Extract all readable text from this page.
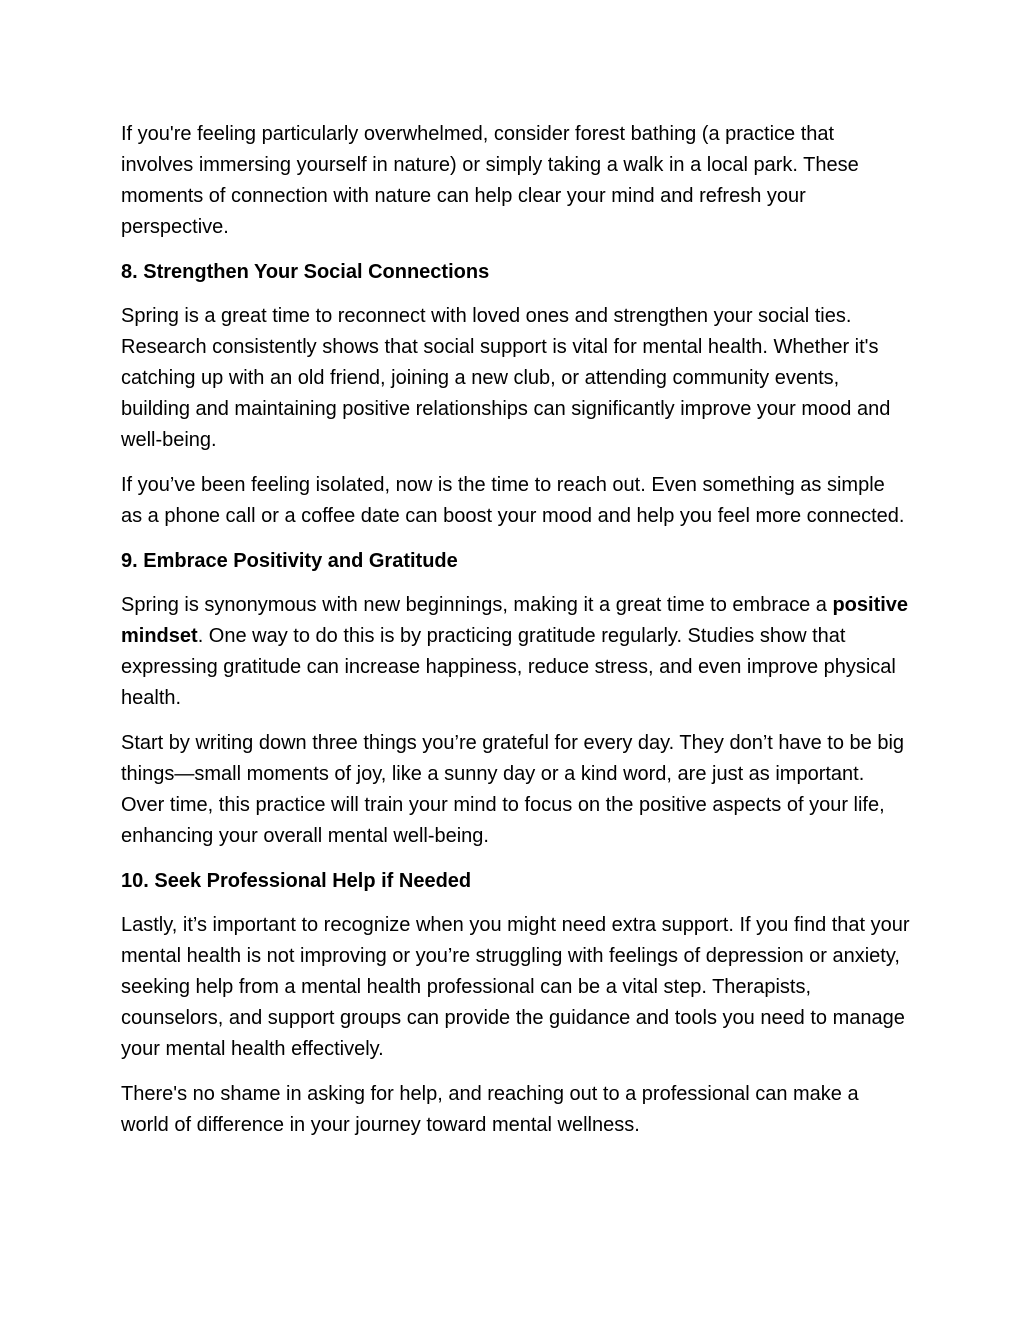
If you're feeling particularly overwhelmed, consider forest bathing (a practice that involves immersing yourself in nature) or simply taking a walk in a local park. These moments of connection with nature can help clear your mind and refresh your perspective.

8. Strengthen Your Social Connections

Spring is a great time to reconnect with loved ones and strengthen your social ties. Research consistently shows that social support is vital for mental health. Whether it's catching up with an old friend, joining a new club, or attending community events, building and maintaining positive relationships can significantly improve your mood and well-being.

If you’ve been feeling isolated, now is the time to reach out. Even something as simple as a phone call or a coffee date can boost your mood and help you feel more connected.

9. Embrace Positivity and Gratitude

Spring is synonymous with new beginnings, making it a great time to embrace a positive mindset. One way to do this is by practicing gratitude regularly. Studies show that expressing gratitude can increase happiness, reduce stress, and even improve physical health.

Start by writing down three things you’re grateful for every day. They don’t have to be big things—small moments of joy, like a sunny day or a kind word, are just as important. Over time, this practice will train your mind to focus on the positive aspects of your life, enhancing your overall mental well-being.

10. Seek Professional Help if Needed

Lastly, it’s important to recognize when you might need extra support. If you find that your mental health is not improving or you’re struggling with feelings of depression or anxiety, seeking help from a mental health professional can be a vital step. Therapists, counselors, and support groups can provide the guidance and tools you need to manage your mental health effectively.

There's no shame in asking for help, and reaching out to a professional can make a world of difference in your journey toward mental wellness.
